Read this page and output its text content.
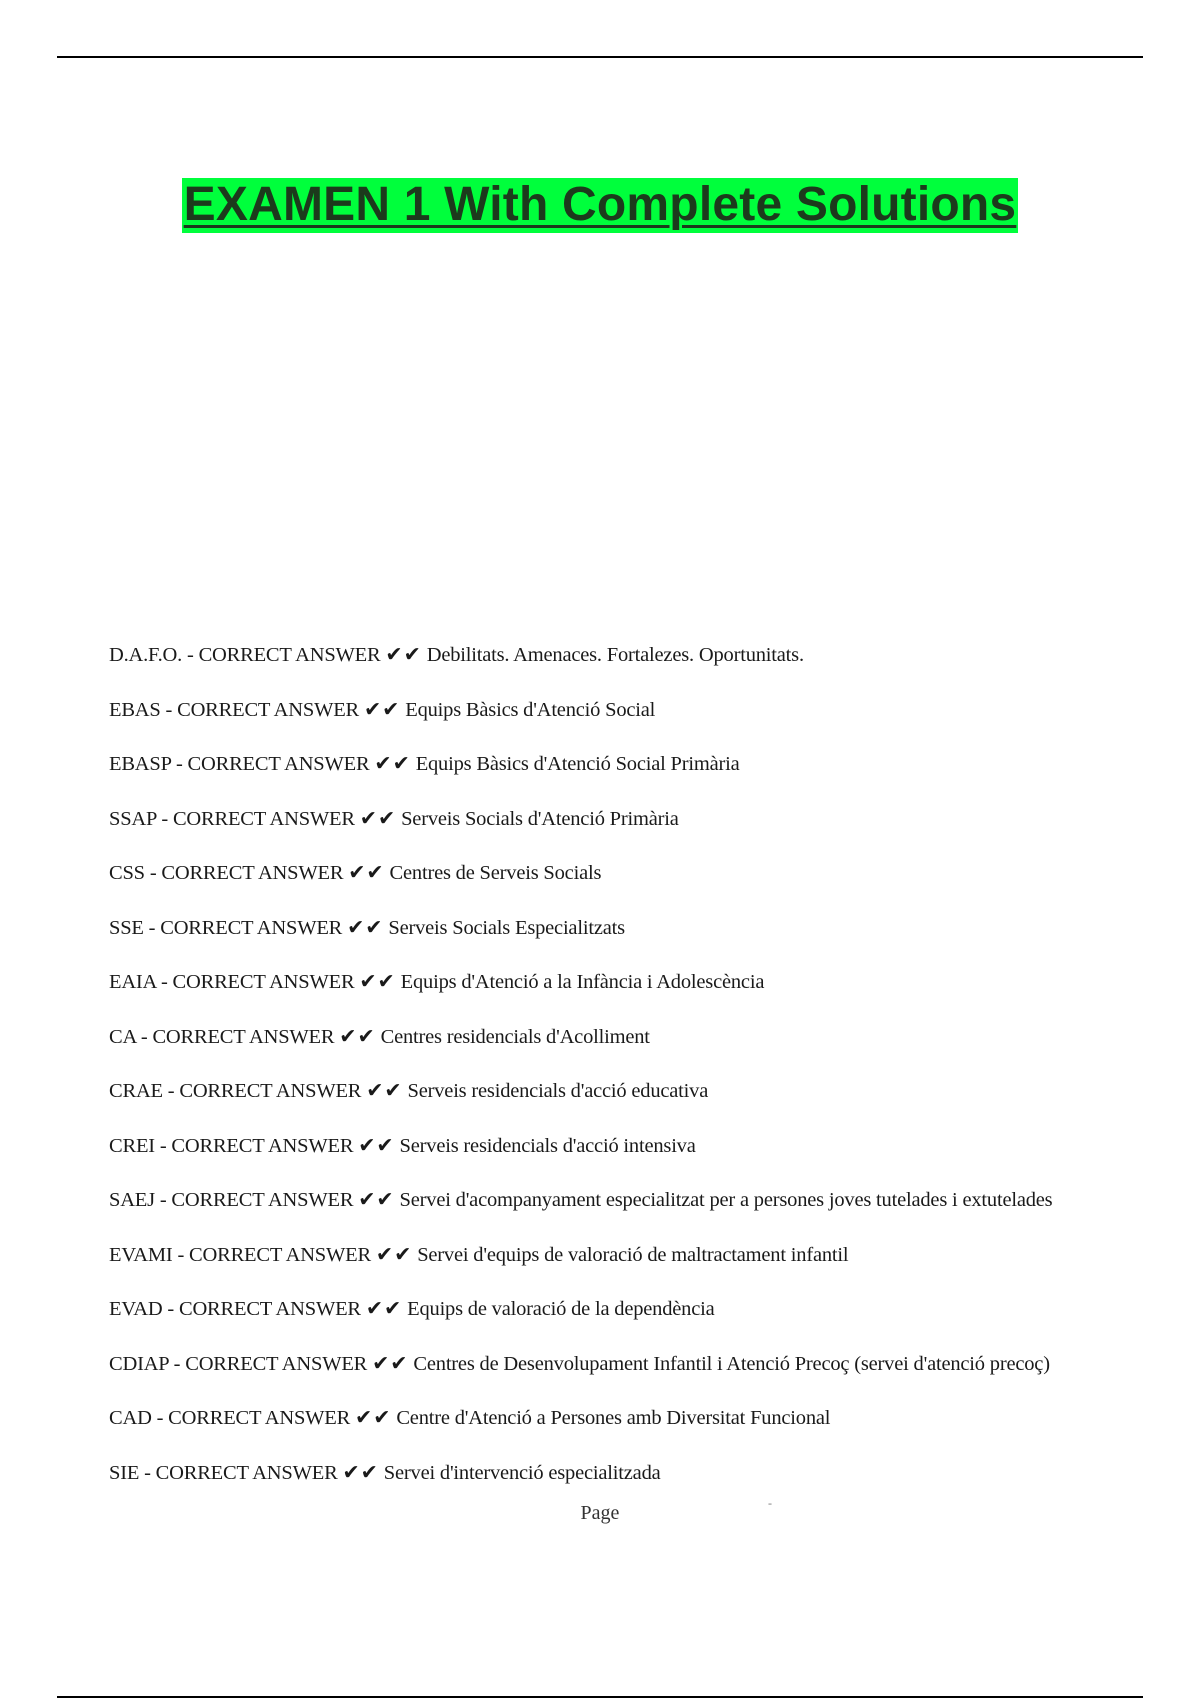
EXAMEN 1 With Complete Solutions
D.A.F.O. - CORRECT ANSWER ✔✔ Debilitats. Amenaces. Fortalezes. Oportunitats.
EBAS - CORRECT ANSWER ✔✔ Equips Bàsics d'Atenció Social
EBASP - CORRECT ANSWER ✔✔ Equips Bàsics d'Atenció Social Primària
SSAP - CORRECT ANSWER ✔✔ Serveis Socials d'Atenció Primària
CSS - CORRECT ANSWER ✔✔ Centres de Serveis Socials
SSE - CORRECT ANSWER ✔✔ Serveis Socials Especialitzats
EAIA - CORRECT ANSWER ✔✔ Equips d'Atenció a la Infància i Adolescència
CA - CORRECT ANSWER ✔✔ Centres residencials d'Acolliment
CRAE - CORRECT ANSWER ✔✔ Serveis residencials d'acció educativa
CREI - CORRECT ANSWER ✔✔ Serveis residencials d'acció intensiva
SAEJ - CORRECT ANSWER ✔✔ Servei d'acompanyament especialitzat per a persones joves tutelades i extutelades
EVAMI - CORRECT ANSWER ✔✔ Servei d'equips de valoració de maltractament infantil
EVAD - CORRECT ANSWER ✔✔ Equips de valoració de la dependència
CDIAP - CORRECT ANSWER ✔✔ Centres de Desenvolupament Infantil i Atenció Precoç (servei d'atenció precoç)
CAD - CORRECT ANSWER ✔✔ Centre d'Atenció a Persones amb Diversitat Funcional
SIE - CORRECT ANSWER ✔✔ Servei d'intervenció especialitzada
Page	-
